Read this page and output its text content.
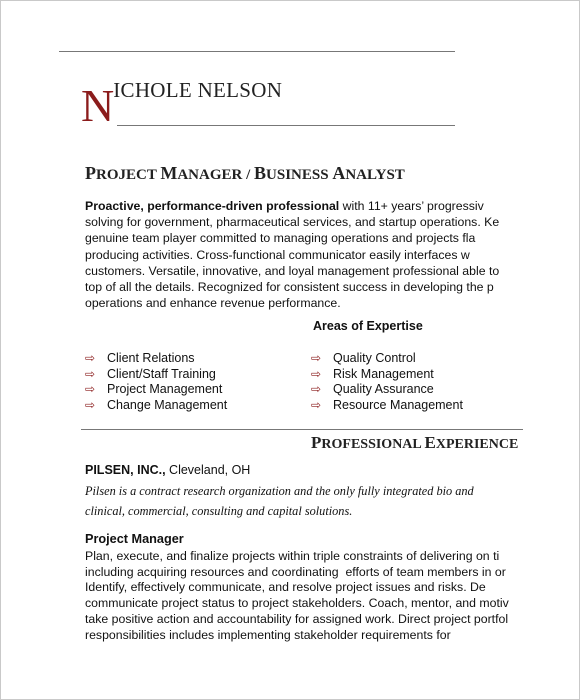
NICHOLE NELSON
PROJECT MANAGER / BUSINESS ANALYST
Proactive, performance-driven professional with 11+ years’ progressiv
solving for government, pharmaceutical services, and startup operations. Ke
genuine team player committed to managing operations and projects fla
producing activities. Cross-functional communicator easily interfaces w
customers. Versatile, innovative, and loyal management professional able to
top of all the details. Recognized for consistent success in developing the p
operations and enhance revenue performance.
Areas of Expertise
⇨ Client Relations
⇨ Client/Staff Training
⇨ Project Management
⇨ Change Management
⇨ Quality Control
⇨ Risk Management
⇨ Quality Assurance
⇨ Resource Management
PROFESSIONAL EXPERIENCE
PILSEN, INC., Cleveland, OH
Pilsen is a contract research organization and the only fully integrated bio and
clinical, commercial, consulting and capital solutions.
Project Manager
Plan, execute, and finalize projects within triple constraints of delivering on ti
including acquiring resources and coordinating  efforts of team members in or
Identify, effectively communicate, and resolve project issues and risks. De
communicate project status to project stakeholders. Coach, mentor, and motiv
take positive action and accountability for assigned work. Direct project portfol
responsibilities includes implementing stakeholder requirements for
